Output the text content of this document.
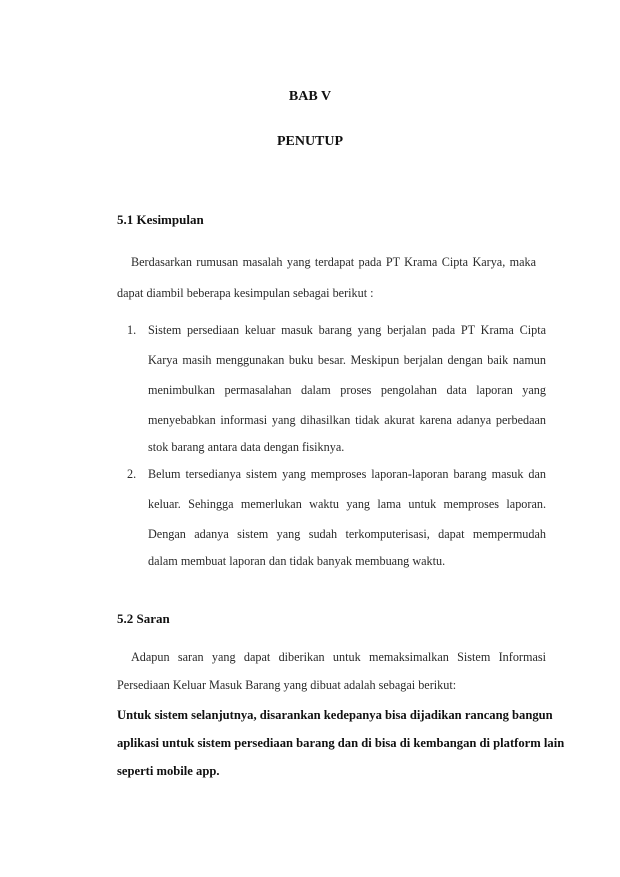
BAB V
PENUTUP
5.1 Kesimpulan
Berdasarkan rumusan masalah yang terdapat pada PT Krama Cipta Karya, maka
dapat diambil beberapa kesimpulan sebagai berikut :
1. Sistem persediaan keluar masuk barang yang berjalan pada PT Krama Cipta
Karya masih menggunakan buku besar. Meskipun berjalan dengan baik namun
menimbulkan permasalahan dalam proses pengolahan data laporan yang
menyebabkan informasi yang dihasilkan tidak akurat karena adanya perbedaan
stok barang antara data dengan fisiknya.
2. Belum tersedianya sistem yang memproses laporan-laporan barang masuk dan
keluar. Sehingga memerlukan waktu yang lama untuk memproses laporan.
Dengan adanya sistem yang sudah terkomputerisasi, dapat mempermudah
dalam membuat laporan dan tidak banyak membuang waktu.
5.2 Saran
Adapun saran yang dapat diberikan untuk memaksimalkan Sistem Informasi
Persediaan Keluar Masuk Barang yang dibuat adalah sebagai berikut:
Untuk sistem selanjutnya, disarankan kedepanya bisa dijadikan rancang bangun
aplikasi untuk sistem persediaan barang dan di bisa di kembangan di platform lain
seperti mobile app.
